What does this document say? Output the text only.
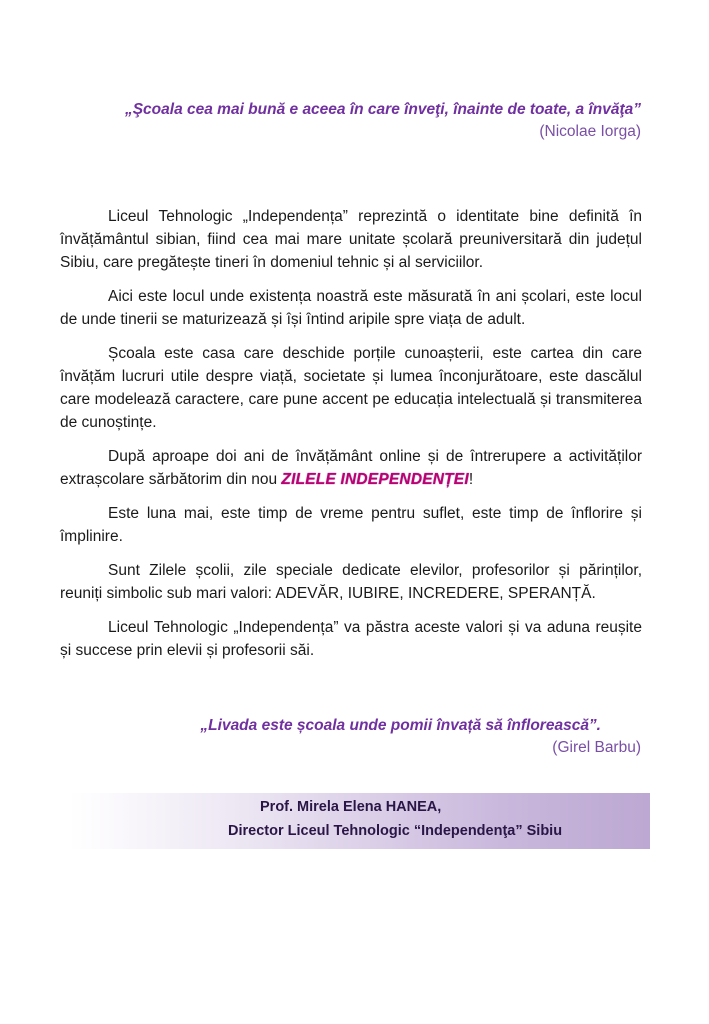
„Şcoala cea mai bună e aceea în care înveţi, înainte de toate, a învăţa”
(Nicolae Iorga)

Liceul Tehnologic „Independența” reprezintă o identitate bine definită în învățământul sibian, fiind cea mai mare unitate școlară preuniversitară din județul Sibiu, care pregătește tineri în domeniul tehnic și al serviciilor.

Aici este locul unde existența noastră este măsurată în ani școlari, este locul de unde tinerii se maturizează și își întind aripile spre viața de adult.

Școala este casa care deschide porțile cunoașterii, este cartea din care învățăm lucruri utile despre viață, societate și lumea înconjurătoare, este dascălul care modelează caractere, care pune accent pe educația intelectuală și transmiterea de cunoștințe.

După aproape doi ani de învățământ online și de întrerupere a activităților extrașcolare sărbătorim din nou ZILELE INDEPENDENȚEI!

Este luna mai, este timp de vreme pentru suflet, este timp de înflorire și împlinire.

Sunt Zilele școlii, zile speciale dedicate elevilor, profesorilor și părinților, reuniți simbolic sub mari valori: ADEVĂR, IUBIRE, INCREDERE, SPERANȚĂ.

Liceul Tehnologic „Independența” va păstra aceste valori și va aduna reușite și succese prin elevii și profesorii săi.

„Livada este școala unde pomii învață să înflorească”.
(Girel Barbu)
Prof. Mirela Elena HANEA,
Director Liceul Tehnologic “Independenţa” Sibiu
